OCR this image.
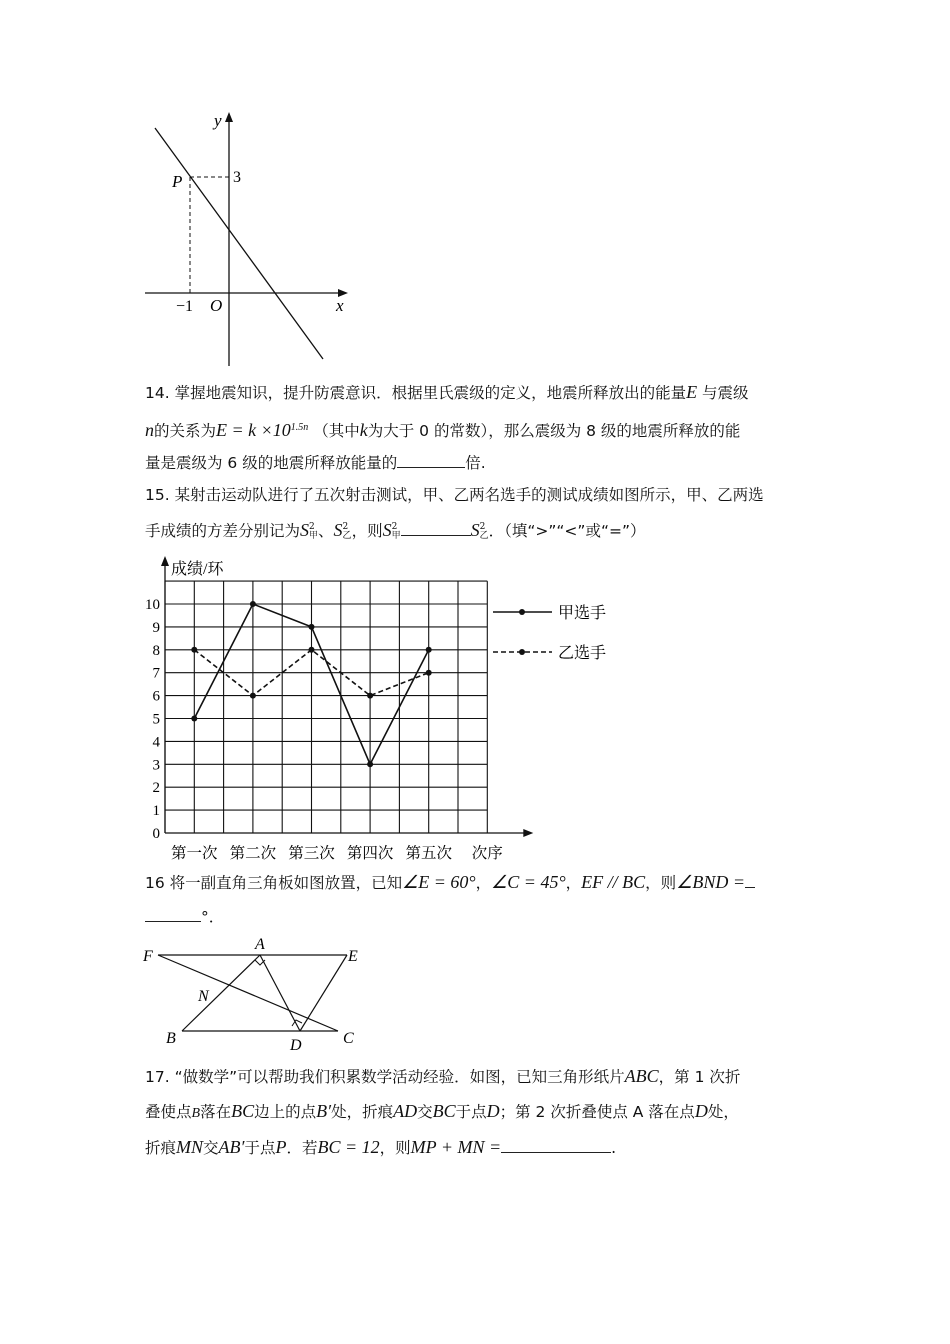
y
x
O
P	3
−1
14. 掌握地震知识，提升防震意识．根据里氏震级的定义，地震所释放出的能量E 与震级
n的关系为$E = k \times 10^{1.5n}$ （其中k为大于 0 的常数），那么震级为 8 级的地震所释放的能
量是震级为 6 级的地震所释放能量的	倍.
15. 某射击运动队进行了五次射击测试，甲、乙两名选手的测试成绩如图所示，甲、乙两选
手成绩的方差分别记为S2
甲、S2
乙，则S2
甲	S2
乙．（填“>”“<”或“=”）
成绩/环
0
1
2
3
4
5
6
7
8
9
10
第一次 第二次 第三次 第四次 第五次 次序
甲选手
乙选手
16 将一副直角三角板如图放置，已知∠E = 60°，∠C = 45°，EF // BC，则∠BND =
°．
F
A
E
N
B	D	C
17. “做数学”可以帮助我们积累数学活动经验．如图，已知三角形纸片ABC，第 1 次折
叠使点B落在BC边上的点B′处，折痕AD交BC于点D；第 2 次折叠使点 A 落在点D处，
折痕MN交AB′于点P．若BC = 12，则MP + MN =	.
